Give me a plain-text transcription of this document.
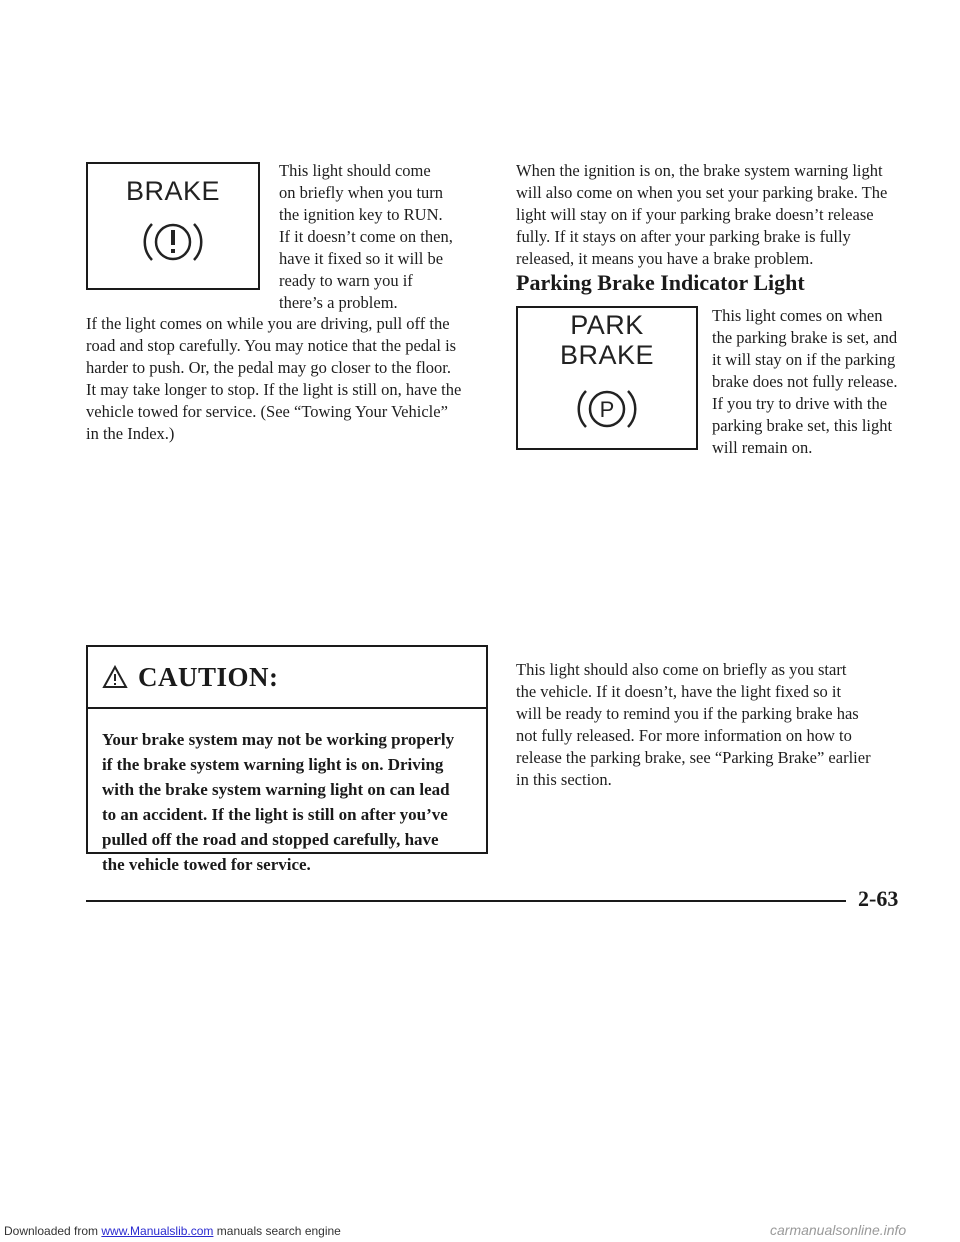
Downloaded from www.Manualslib.com manuals search engine
BRAKE
This light should come
on briefly when you turn
the ignition key to RUN.
If it doesn’t come on then,
have it fixed so it will be
ready to warn you if
there’s a problem.
If the light comes on while you are driving, pull off the
road and stop carefully. You may notice that the pedal is
harder to push. Or, the pedal may go closer to the floor.
It may take longer to stop. If the light is still on, have the
vehicle towed for service. (See “Towing Your Vehicle”
in the Index.)
CAUTION:
Your brake system may not be working properly
if the brake system warning light is on. Driving
with the brake system warning light on can lead
to an accident. If the light is still on after you’ve
pulled off the road and stopped carefully, have
the vehicle towed for service.
When the ignition is on, the brake system warning light
will also come on when you set your parking brake. The
light will stay on if your parking brake doesn’t release
fully. If it stays on after your parking brake is fully
released, it means you have a brake problem.
Parking Brake Indicator Light
PARK
BRAKE
P
This light comes on when
the parking brake is set, and
it will stay on if the parking
brake does not fully release.
If you try to drive with the
parking brake set, this light
will remain on.
This light should also come on briefly as you start
the vehicle. If it doesn’t, have the light fixed so it
will be ready to remind you if the parking brake has
not fully released. For more information on how to
release the parking brake, see “Parking Brake” earlier
in this section.
2-63
carmanualsonline.info
